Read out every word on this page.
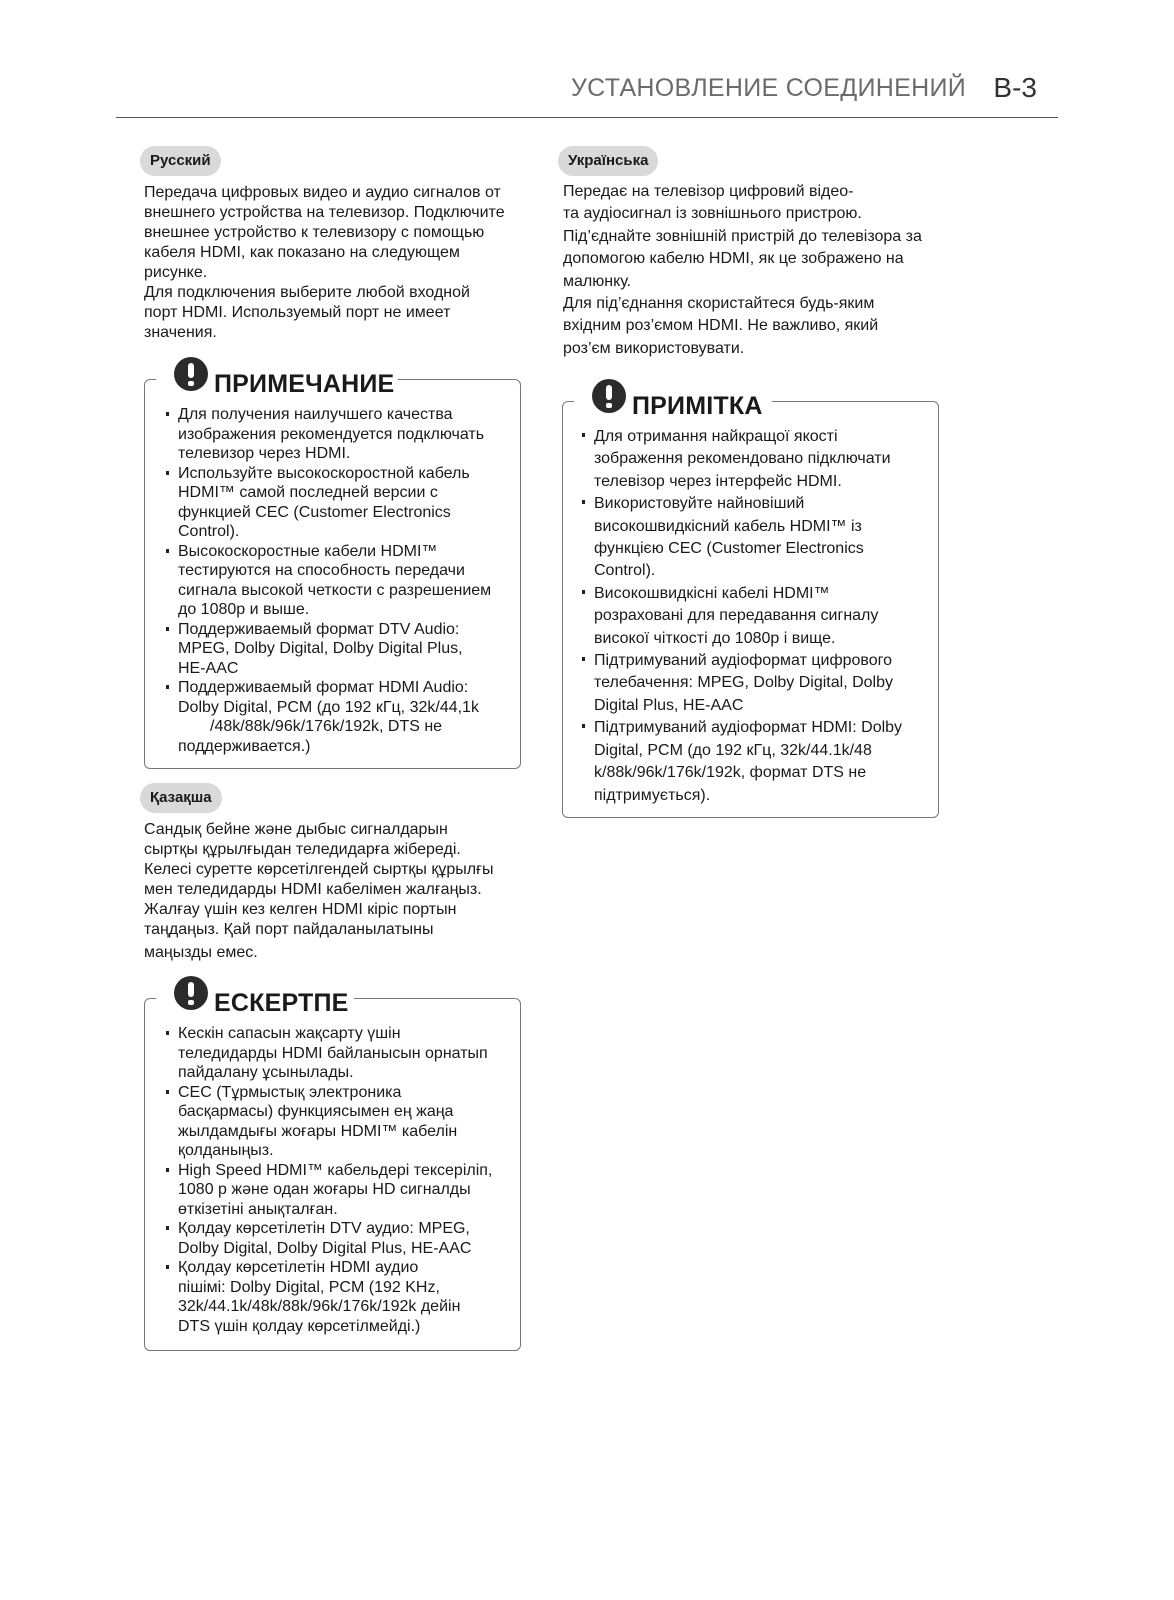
УСТАНОВЛЕНИЕ СОЕДИНЕНИЙ B-3
Русский

Передача цифровых видео и аудио сигналов от

внешнего устройства на телевизор. Подключите

внешнее устройство к телевизору с помощью

кабеля HDMI, как показано на следующем

рисунке.

Для подключения выберите любой входной

порт HDMI. Используемый порт не имеет

значения.

ПРИМЕЧАНИЕ
Для получения наилучшего качества
изображения рекомендуется подключать
телевизор через HDMI.
Используйте высокоскоростной кабель
HDMI™ самой последней версии с
функцией CEC (Customer Electronics
Control).
Высокоскоростные кабели HDMI™
тестируются на способность передачи
сигнала высокой четкости с разрешением
до 1080p и выше.
Поддерживаемый формат DTV Audio:
MPEG, Dolby Digital, Dolby Digital Plus,
HE-AAC
Поддерживаемый формат HDMI Audio:
Dolby Digital, PCM (до 192 кГц, 32k/44,1k
/48k/88k/96k/176k/192k, DTS не
поддерживается.)
Қазақша

Сандық бейне және дыбыс сигналдарын

сыртқы құрылғыдан теледидарға жібереді.

Келесі суретте көрсетілгендей сыртқы құрылғы

мен теледидарды HDMI кабелімен жалғаңыз.

Жалғау үшін кез келген HDMI кіріс портын

таңдаңыз. Қай порт пайдаланылатыны

маңызды емес.

ЕСКЕРТПЕ
Кескін сапасын жақсарту үшін
теледидарды HDMI байланысын орнатып
пайдалану ұсынылады.
CEC (Тұрмыстық электроника
басқармасы) функциясымен ең жаңа
жылдамдығы жоғары HDMI™ кабелін
қолданыңыз.
High Speed HDMI™ кабельдері тексеріліп,
1080 p және одан жоғары HD сигналды
өткізетіні анықталған.
Қолдау көрсетілетін DTV аудио: MPEG,
Dolby Digital, Dolby Digital Plus, HE-AAC
Қолдау көрсетілетін HDMI аудио
пішімі: Dolby Digital, PCM (192 KHz,
32k/44.1k/48k/88k/96k/176k/192k дейін
DTS үшін қолдау көрсетілмейді.)
Українська

Передає на телевізор цифровий відео-

та аудіосигнал із зовнішнього пристрою.

Під’єднайте зовнішній пристрій до телевізора за

допомогою кабелю HDMI, як це зображено на

малюнку.

Для під’єднання скористайтеся будь-яким

вхідним роз’ємом HDMI. Не важливо, який

роз’єм використовувати.

ПРИМІТКА
Для отримання найкращої якості
зображення рекомендовано підключати
телевізор через інтерфейс HDMI.
Використовуйте найновіший
високошвидкісний кабель HDMI™ із
функцією CEC (Customer Electronics
Control).
Високошвидкісні кабелі HDMI™
розраховані для передавання сигналу
високої чіткості до 1080p і вище.
Підтримуваний аудіоформат цифрового
телебачення: MPEG, Dolby Digital, Dolby
Digital Plus, HE-AAC
Підтримуваний аудіоформат HDMI: Dolby
Digital, PCM (до 192 кГц, 32k/44.1k/48
k/88k/96k/176k/192k, формат DTS не
підтримується).
